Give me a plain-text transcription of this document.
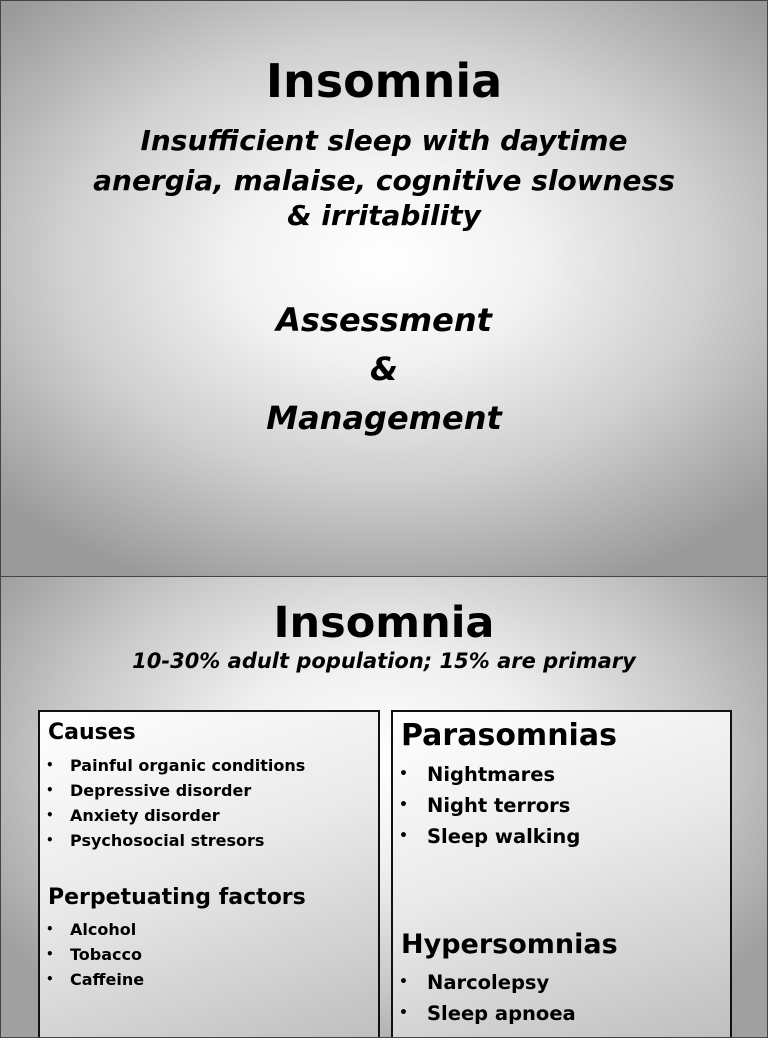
Insomnia
Insufficient sleep with daytime
anergia, malaise, cognitive slowness
& irritability
Assessment
&
Management
Insomnia
10-30% adult population; 15% are primary
Causes
• Painful organic conditions
• Depressive disorder
• Anxiety disorder
• Psychosocial stresors
Perpetuating factors
• Alcohol
• Tobacco
• Caffeine
Parasomnias
• Nightmares
• Night terrors
• Sleep walking
Hypersomnias
• Narcolepsy
• Sleep apnoea
